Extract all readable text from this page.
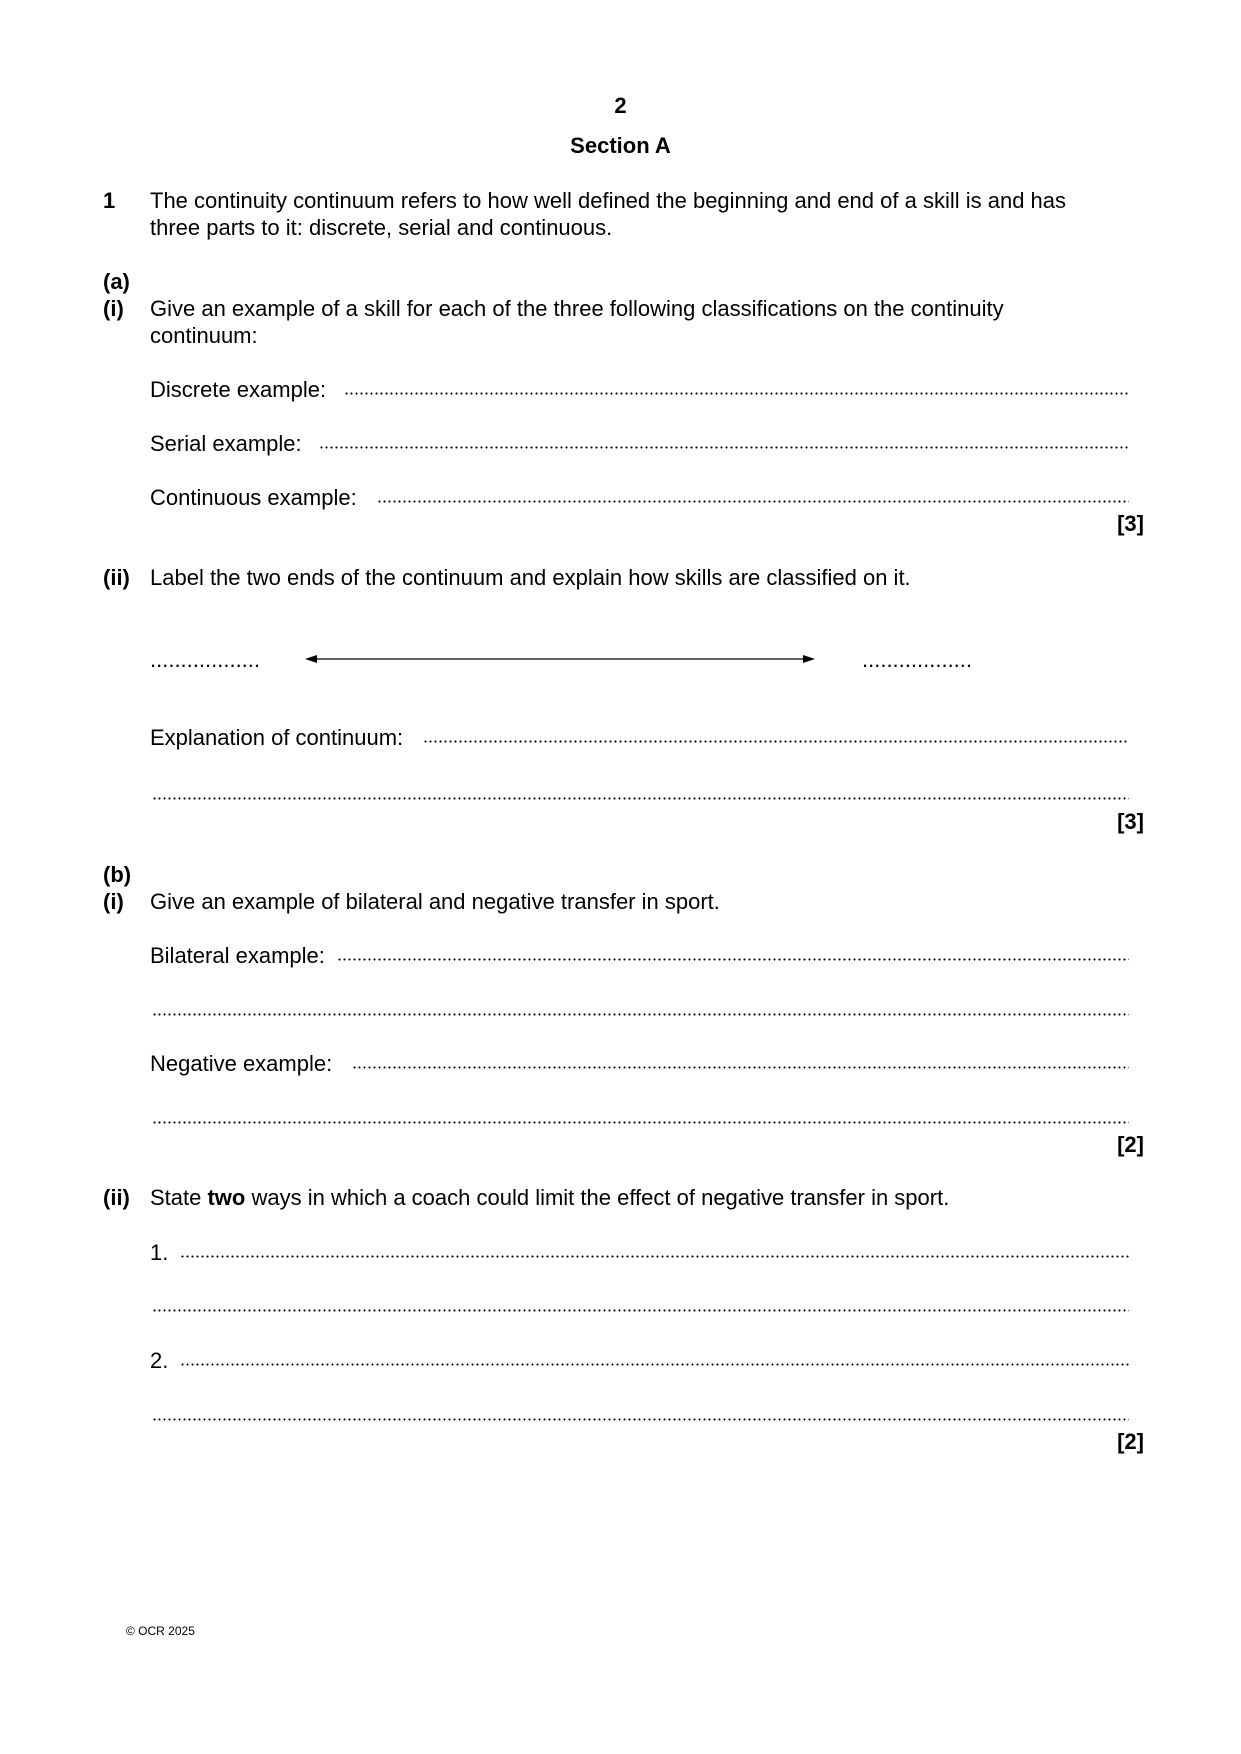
2
Section A
1 The continuity continuum refers to how well defined the beginning and end of a skill is and has
three parts to it: discrete, serial and continuous.
(a)
(i) Give an example of a skill for each of the three following classifications on the continuity
continuum:
Discrete example:
Serial example:
Continuous example:
[3]
(ii) Label the two ends of the continuum and explain how skills are classified on it.
..................	..................
Explanation of continuum:
[3]
(b)
(i) Give an example of bilateral and negative transfer in sport.
Bilateral example:
Negative example:
[2]
(ii) State two ways in which a coach could limit the effect of negative transfer in sport.
1.
2.
[2]
© OCR 2025
